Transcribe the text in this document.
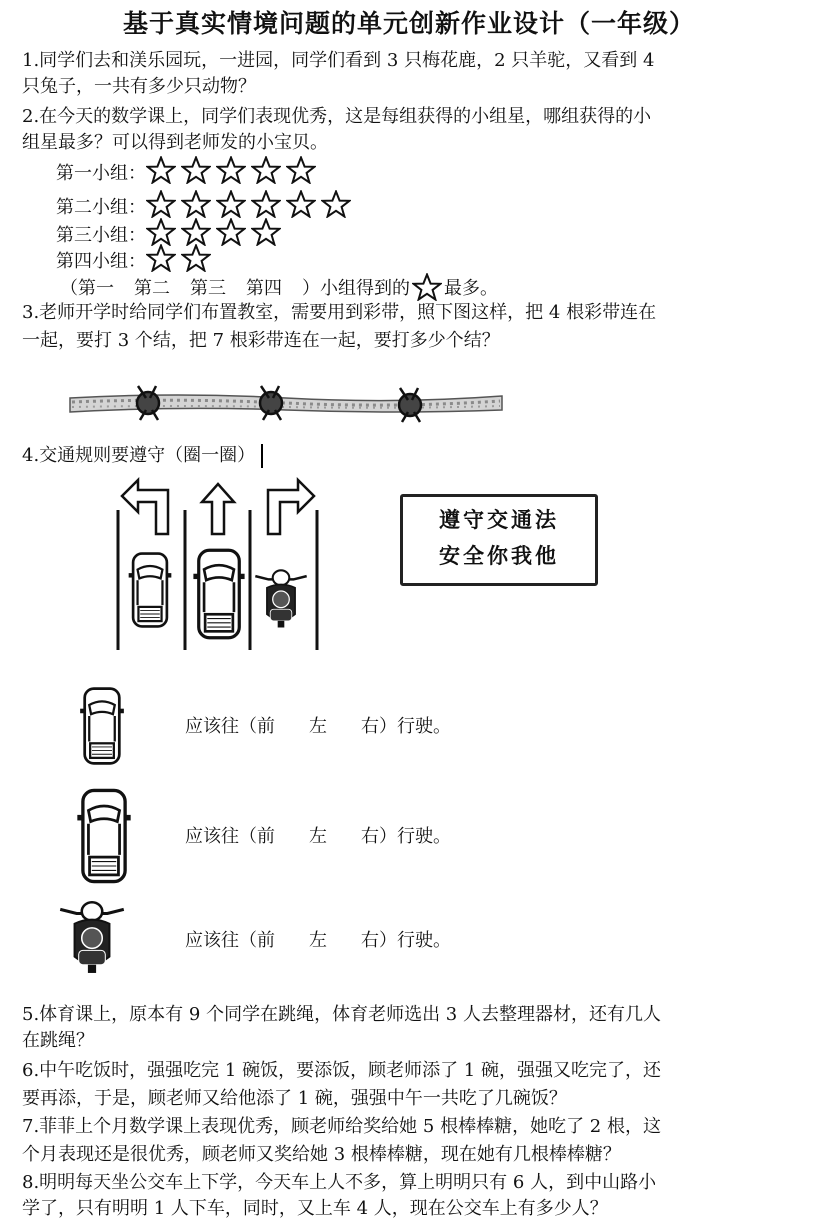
基于真实情境问题的单元创新作业设计（一年级）
1.同学们去和渼乐园玩，一进园，同学们看到 3 只梅花鹿，2 只羊驼，又看到 4
只兔子，一共有多少只动物？
2.在今天的数学课上，同学们表现优秀，这是每组获得的小组星，哪组获得的小
组星最多？可以得到老师发的小宝贝。
第一小组：
第二小组：
第三小组：
第四小组：
（第一 第二 第三 第四 ）小组得到的 最多。
3.老师开学时给同学们布置教室，需要用到彩带，照下图这样，把 4 根彩带连在
一起，要打 3 个结，把 7 根彩带连在一起，要打多少个结？
4.交通规则要遵守（圈一圈）
遵守交通法
安全你我他
应该往（前 左 右）行驶。
应该往（前 左 右）行驶。
应该往（前 左 右）行驶。
5.体育课上，原本有 9 个同学在跳绳，体育老师选出 3 人去整理器材，还有几人
在跳绳？
6.中午吃饭时，强强吃完 1 碗饭，要添饭，顾老师添了 1 碗，强强又吃完了，还
要再添，于是，顾老师又给他添了 1 碗，强强中午一共吃了几碗饭？
7.菲菲上个月数学课上表现优秀，顾老师给奖给她 5 根棒棒糖，她吃了 2 根，这
个月表现还是很优秀，顾老师又奖给她 3 根棒棒糖，现在她有几根棒棒糖？
8.明明每天坐公交车上下学，今天车上人不多，算上明明只有 6 人，到中山路小
学了，只有明明 1 人下车，同时，又上车 4 人，现在公交车上有多少人？
